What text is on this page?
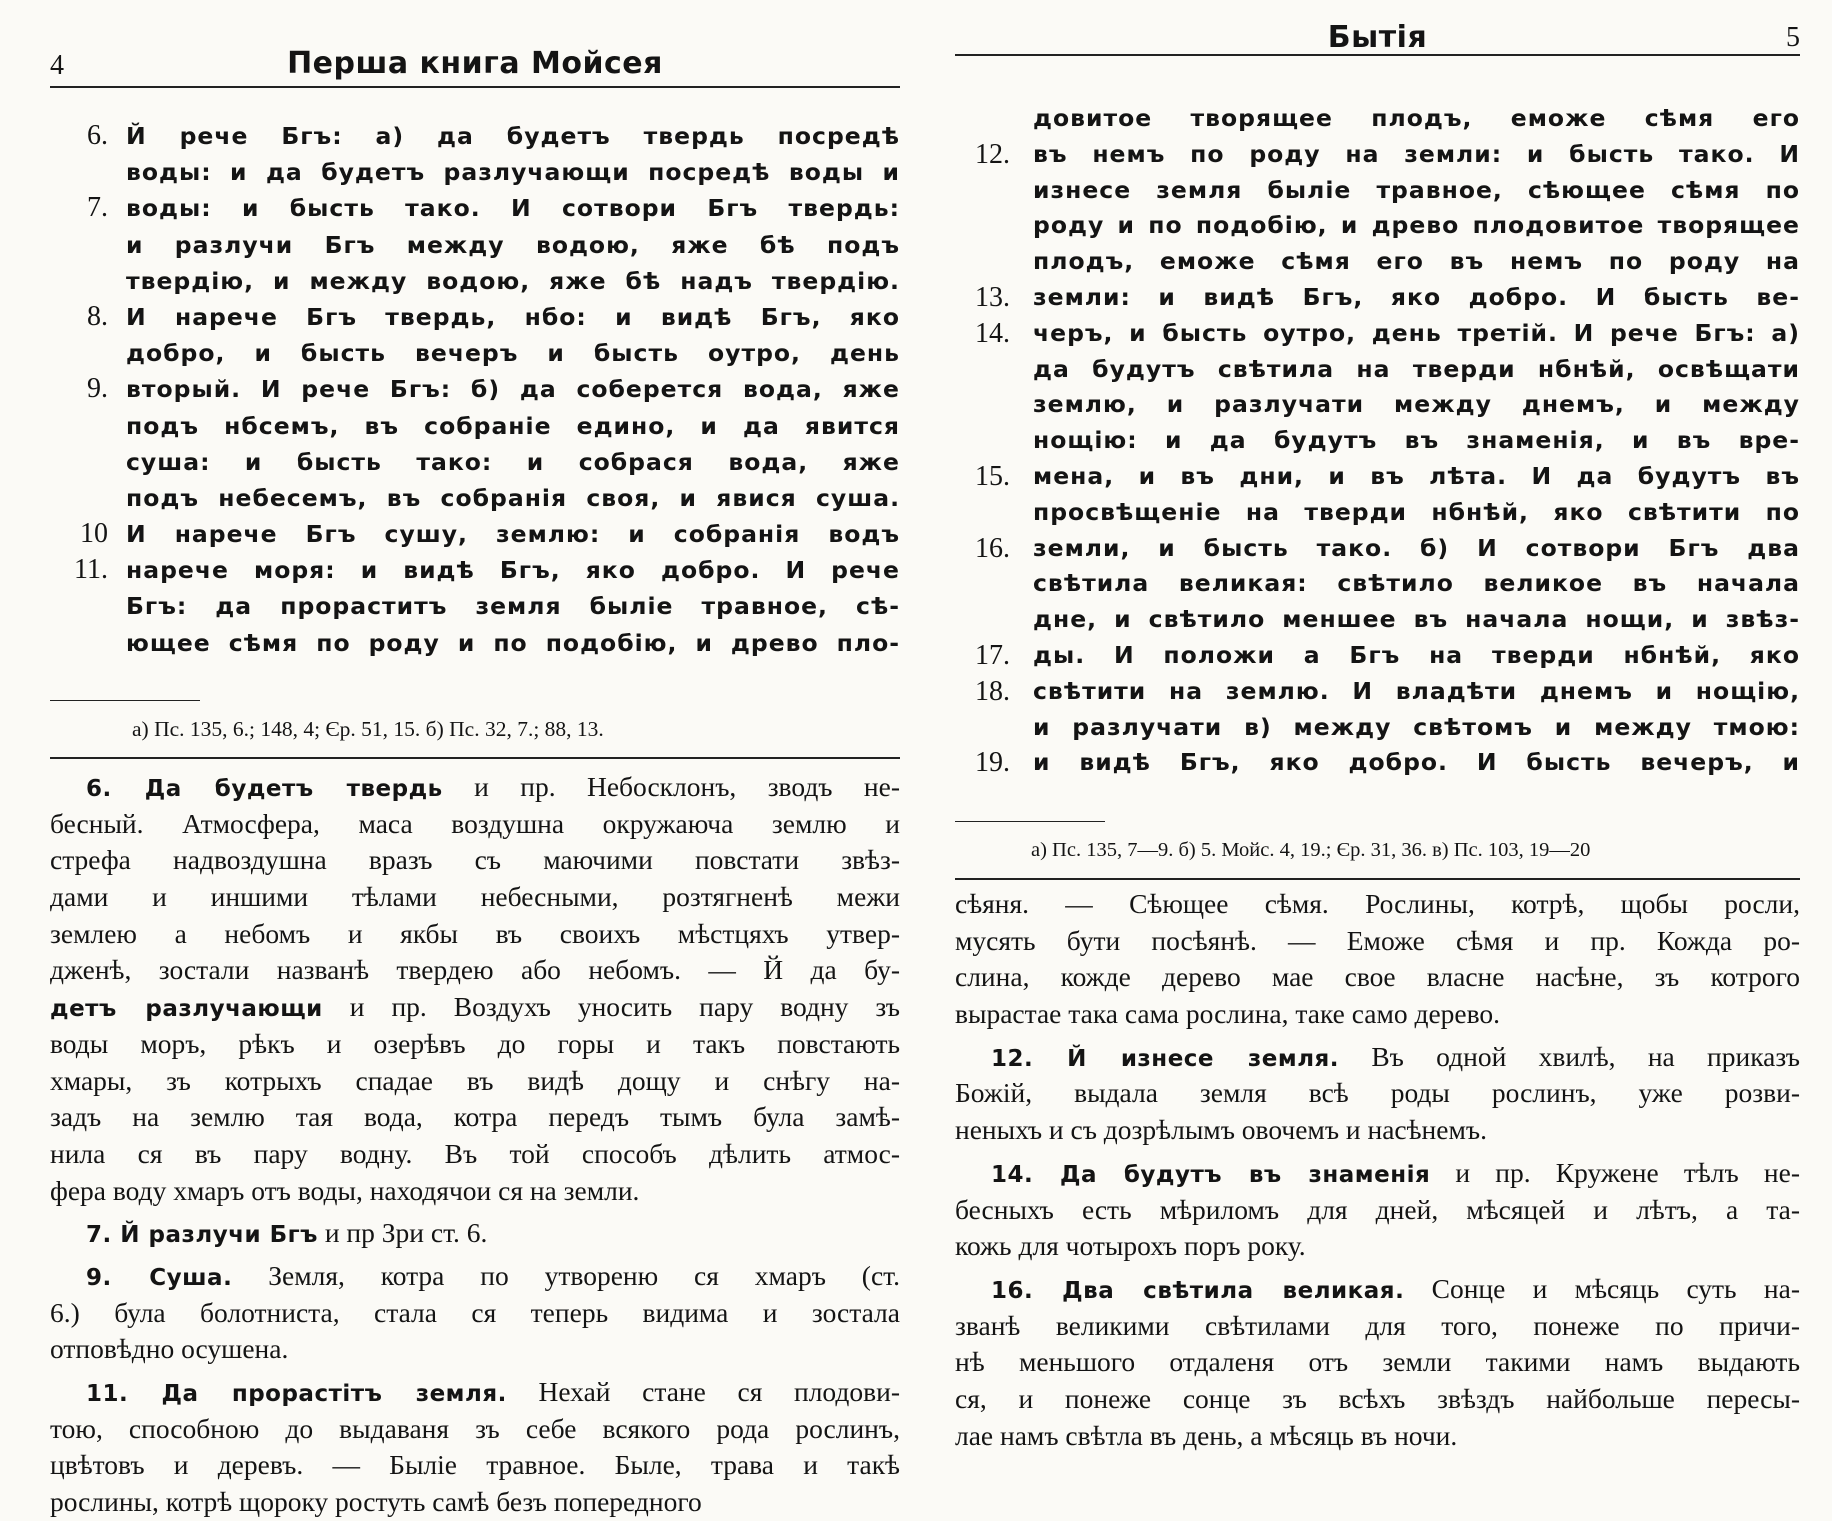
4	Перша книга Мойсея
6. Й рече Бгъ: а) да будетъ твердь посредѣ
воды: и да будетъ разлучающи посредѣ воды и
7. воды: и бысть тако. И сотвори Бгъ твердь:
и разлучи Бгъ между водою, яже бѣ подъ
твердію, и между водою, яже бѣ надъ твердію.
8. И нарече Бгъ твердь, нбо: и видѣ Бгъ, яко
добро, и бысть вечеръ и бысть оутро, день
9. вторый. И рече Бгъ: б) да соберется вода, яже
подъ нбсемъ, въ собраніе едино, и да явится
суша: и бысть тако: и собрася вода, яже
подъ небесемъ, въ собранія своя, и явися суша.
10 И нарече Бгъ сушу, землю: и собранія водъ
11. нарече моря: и видѣ Бгъ, яко добро. И рече
Бгъ: да прораститъ земля быліе травное, сѣ-
ющее сѣмя по роду и по подобію, и древо пло-
а) Пс. 135, 6.; 148, 4; Єр. 51, 15. б) Пс. 32, 7.; 88, 13.
6. Да будетъ твердь и пр. Небосклонъ, зводъ не-
бесный. Атмосфера, маса воздушна окружаюча землю и
стрефа надвоздушна вразъ съ маючими повстати звѣз-
дами и иншими тѣлами небесными, розтягненѣ межи
землею а небомъ и якбы въ своихъ мѣстцяхъ утвер-
дженѣ, зостали названѣ твердею або небомъ. — Й да бу-
детъ разлучающи и пр. Воздухъ уносить пару водну зъ
воды моръ, рѣкъ и озерѣвъ до горы и такъ повстають
хмары, зъ котрыхъ спадаe въ видѣ дощу и снѣгу на-
задъ на землю тая вода, котра передъ тымъ була замѣ-
нила ся въ пару водну. Въ той способъ дѣлить атмос-
фера воду хмаръ отъ воды, находячои ся на земли.
7. Й разлучи Бгъ и пр Зри ст. 6.
9. Суша. Земля, котра по утвореню ся хмаръ (ст.
6.) була болотниста, стала ся теперь видима и зостала
отповѣдно осушена.
11. Да прорастітъ земля. Нехай стане ся плодови-
тою, способною до выдаваня зъ себе всякого рода рослинъ,
цвѣтовъ и деревъ. — Быліе травное. Быле, трава и такѣ
рослины, котрѣ щороку ростуть самѣ безъ попередного
Бытія	5
довитое творящее плодъ, еможе сѣмя его
12. въ немъ по роду на земли: и бысть тако. И
изнесе земля быліе травное, сѣющее сѣмя по
роду и по подобію, и древо плодовитое творящее
плодъ, еможе сѣмя его въ немъ по роду на
13. земли: и видѣ Бгъ, яко добро. И бысть ве-
14. черъ, и бысть оутро, день третій. И рече Бгъ: а)
да будутъ свѣтила на тверди нбнѣй, освѣщати
землю, и разлучати между днемъ, и между
нощію: и да будутъ въ знаменія, и въ вре-
15. мена, и въ дни, и въ лѣта. И да будутъ въ
просвѣщеніе на тверди нбнѣй, яко свѣтити по
16. земли, и бысть тако. б) И сотвори Бгъ два
свѣтила великая: свѣтило великое въ начала
дне, и свѣтило меншее въ начала нощи, и звѣз-
17. ды. И положи а Бгъ на тверди нбнѣй, яко
18. свѣтити на землю. И владѣти днемъ и нощію,
и разлучати в) между свѣтомъ и между тмою:
19. и видѣ Бгъ, яко добро. И бысть вечеръ, и
а) Пс. 135, 7—9. б) 5. Мойс. 4, 19.; Єр. 31, 36. в) Пс. 103, 19—20
сѣяня. — Сѣющее сѣмя. Рослины, котрѣ, щобы росли,
мусять бути посѣянѣ. — Еможе сѣмя и пр. Кожда ро-
слина, кожде дерево маe своe власне насѣнe, зъ котрого
вырастаe така сама рослина, таке само дерево.
12. Й изнесе земля. Въ одной хвилѣ, на приказъ
Божій, выдала земля всѣ роды рослинъ, уже розви-
неныхъ и съ дозрѣлымъ овочемъ и насѣнемъ.
14. Да будутъ въ знаменія и пр. Круженe тѣлъ не-
бесныхъ есть мѣриломъ для дней, мѣсяцей и лѣтъ, а та-
кожь для чотырохъ поръ року.
16. Два свѣтила великая. Сонце и мѣсяць суть на-
званѣ великими свѣтилами для того, понеже по причи-
нѣ меньшого отдаленя отъ земли такими намъ выдають
ся, и понеже сонце зъ всѣхъ звѣздъ найбольше пересы-
лаe намъ свѣтла въ день, а мѣсяць въ ночи.
